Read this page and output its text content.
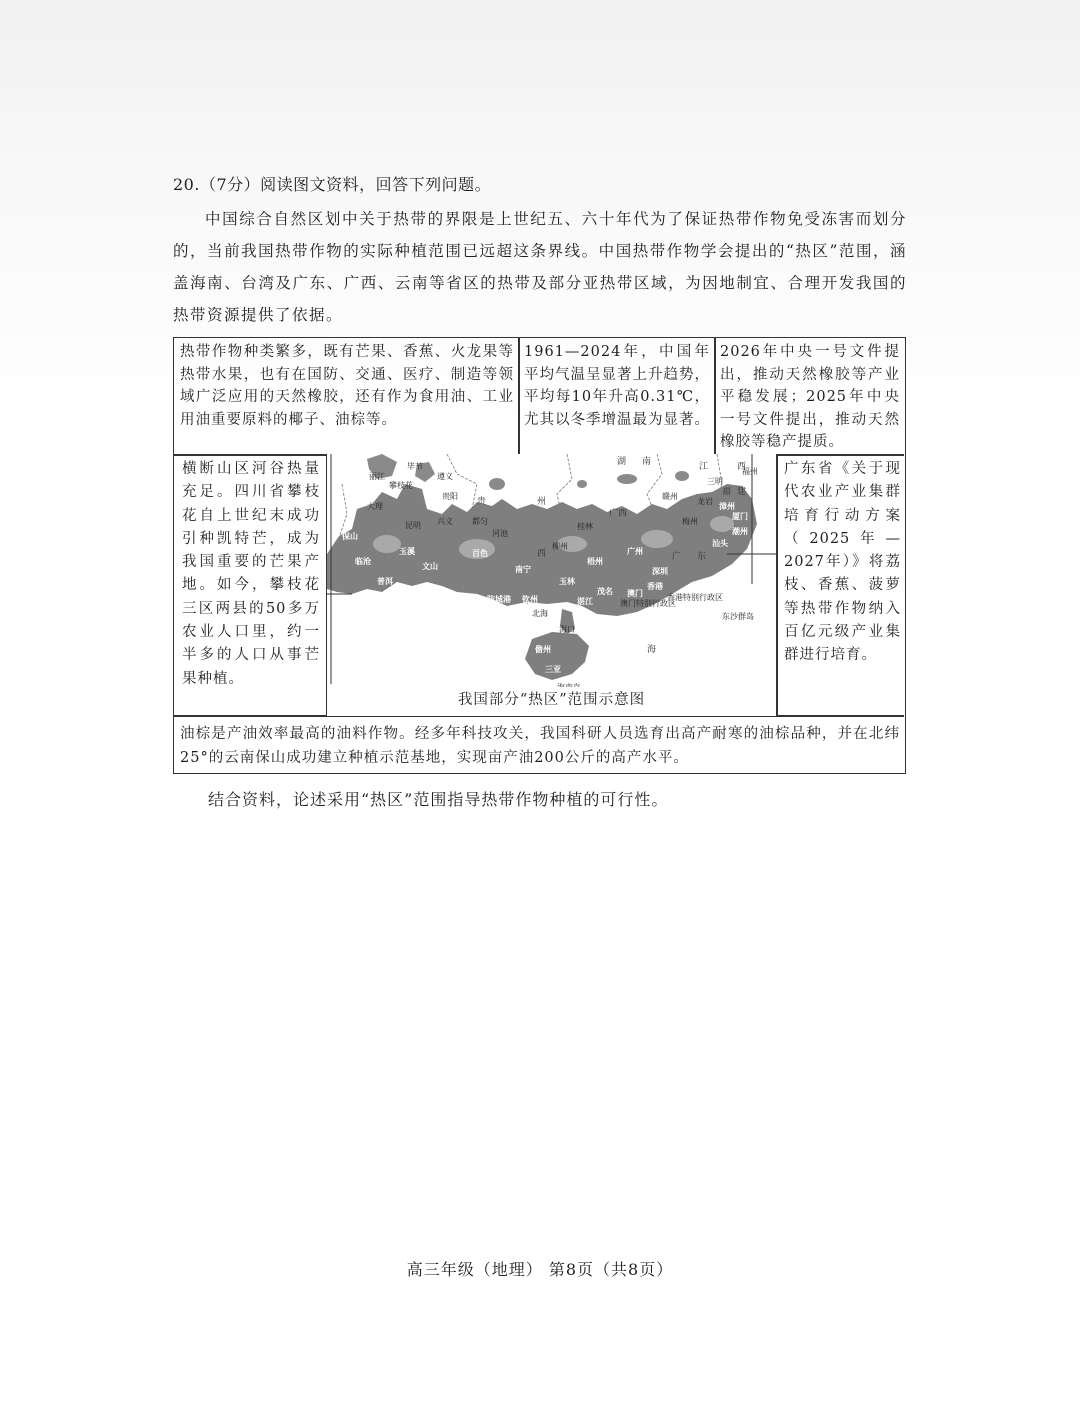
20.（7分）阅读图文资料，回答下列问题。
中国综合自然区划中关于热带的界限是上世纪五、六十年代为了保证热带作物免受冻害而划分的，当前我国热带作物的实际种植范围已远超这条界线。中国热带作物学会提出的“热区”范围，涵盖海南、台湾及广东、广西、云南等省区的热带及部分亚热带区域，为因地制宜、合理开发我国的热带资源提供了依据。
热带作物种类繁多，既有芒果、香蕉、火龙果等热带水果，也有在国防、交通、医疗、制造等领域广泛应用的天然橡胶，还有作为食用油、工业用油重要原料的椰子、油棕等。
1961—2024年，中国年平均气温呈显著上升趋势，平均每10年升高0.31℃，尤其以冬季增温最为显著。
2026年中央一号文件提出，推动天然橡胶等产业平稳发展；2025年中央一号文件提出，推动天然橡胶等稳产提质。
横断山区河谷热量充足。四川省攀枝花自上世纪末成功引种凯特芒，成为我国重要的芒果产地。如今，攀枝花三区两县的50多万农业人口里，约一半多的人口从事芒果种植。
湖 南	江	西
贵	州
西
福 建
东
海
丽江
泸水
大理
保山
临沧
普洱
昆明
攀枝花
玉溪
文山
毕节
遵义
贵阳
都匀
兴义
河池
百色
南宁
防城港 钦州
北海
柳州
桂林
梧州
玉林
湛江
茂名
广州
深圳
香港
澳门
汕头
潮州
厦门
漳州
龙岩
福州
三明
赣州
梅州
海口
三亚
儋州
东沙群岛
澳门特别行政区
香港特别行政区
广西
广
我国部分“热区”范围示意图
广东省《关于现代农业产业集群培育行动方案（2025年—2027年）》将荔枝、香蕉、菠萝等热带作物纳入百亿元级产业集群进行培育。
油棕是产油效率最高的油料作物。经多年科技攻关，我国科研人员选育出高产耐寒的油棕品种，并在北纬25°的云南保山成功建立种植示范基地，实现亩产油200公斤的高产水平。
结合资料，论述采用“热区”范围指导热带作物种植的可行性。
高三年级（地理） 第8页（共8页）
